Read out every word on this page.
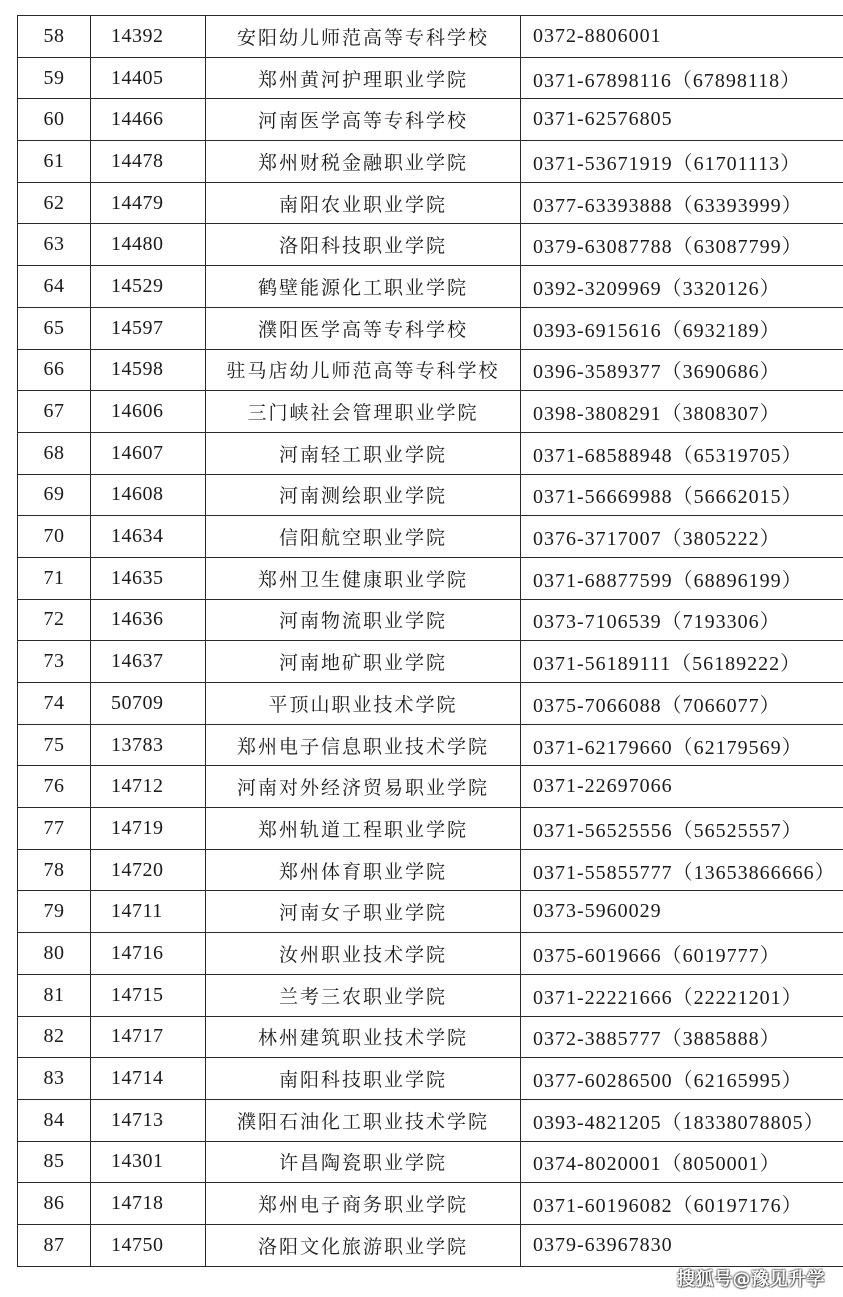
58	14392	安阳幼儿师范高等专科学校	0372-8806001
59	14405	郑州黄河护理职业学院	0371-67898116（67898118）
60	14466	河南医学高等专科学校	0371-62576805
61	14478	郑州财税金融职业学院	0371-53671919（61701113）
62	14479	南阳农业职业学院	0377-63393888（63393999）
63	14480	洛阳科技职业学院	0379-63087788（63087799）
64	14529	鹤壁能源化工职业学院	0392-3209969（3320126）
65	14597	濮阳医学高等专科学校	0393-6915616（6932189）
66	14598	驻马店幼儿师范高等专科学校	0396-3589377（3690686）
67	14606	三门峡社会管理职业学院	0398-3808291（3808307）
68	14607	河南轻工职业学院	0371-68588948（65319705）
69	14608	河南测绘职业学院	0371-56669988（56662015）
70	14634	信阳航空职业学院	0376-3717007（3805222）
71	14635	郑州卫生健康职业学院	0371-68877599（68896199）
72	14636	河南物流职业学院	0373-7106539（7193306）
73	14637	河南地矿职业学院	0371-56189111（56189222）
74	50709	平顶山职业技术学院	0375-7066088（7066077）
75	13783	郑州电子信息职业技术学院	0371-62179660（62179569）
76	14712	河南对外经济贸易职业学院	0371-22697066
77	14719	郑州轨道工程职业学院	0371-56525556（56525557）
78	14720	郑州体育职业学院	0371-55855777（13653866666）
79	14711	河南女子职业学院	0373-5960029
80	14716	汝州职业技术学院	0375-6019666（6019777）
81	14715	兰考三农职业学院	0371-22221666（22221201）
82	14717	林州建筑职业技术学院	0372-3885777（3885888）
83	14714	南阳科技职业学院	0377-60286500（62165995）
84	14713	濮阳石油化工职业技术学院	0393-4821205（18338078805）
85	14301	许昌陶瓷职业学院	0374-8020001（8050001）
86	14718	郑州电子商务职业学院	0371-60196082（60197176）
87	14750	洛阳文化旅游职业学院	0379-63967830
搜狐号@豫见升学
